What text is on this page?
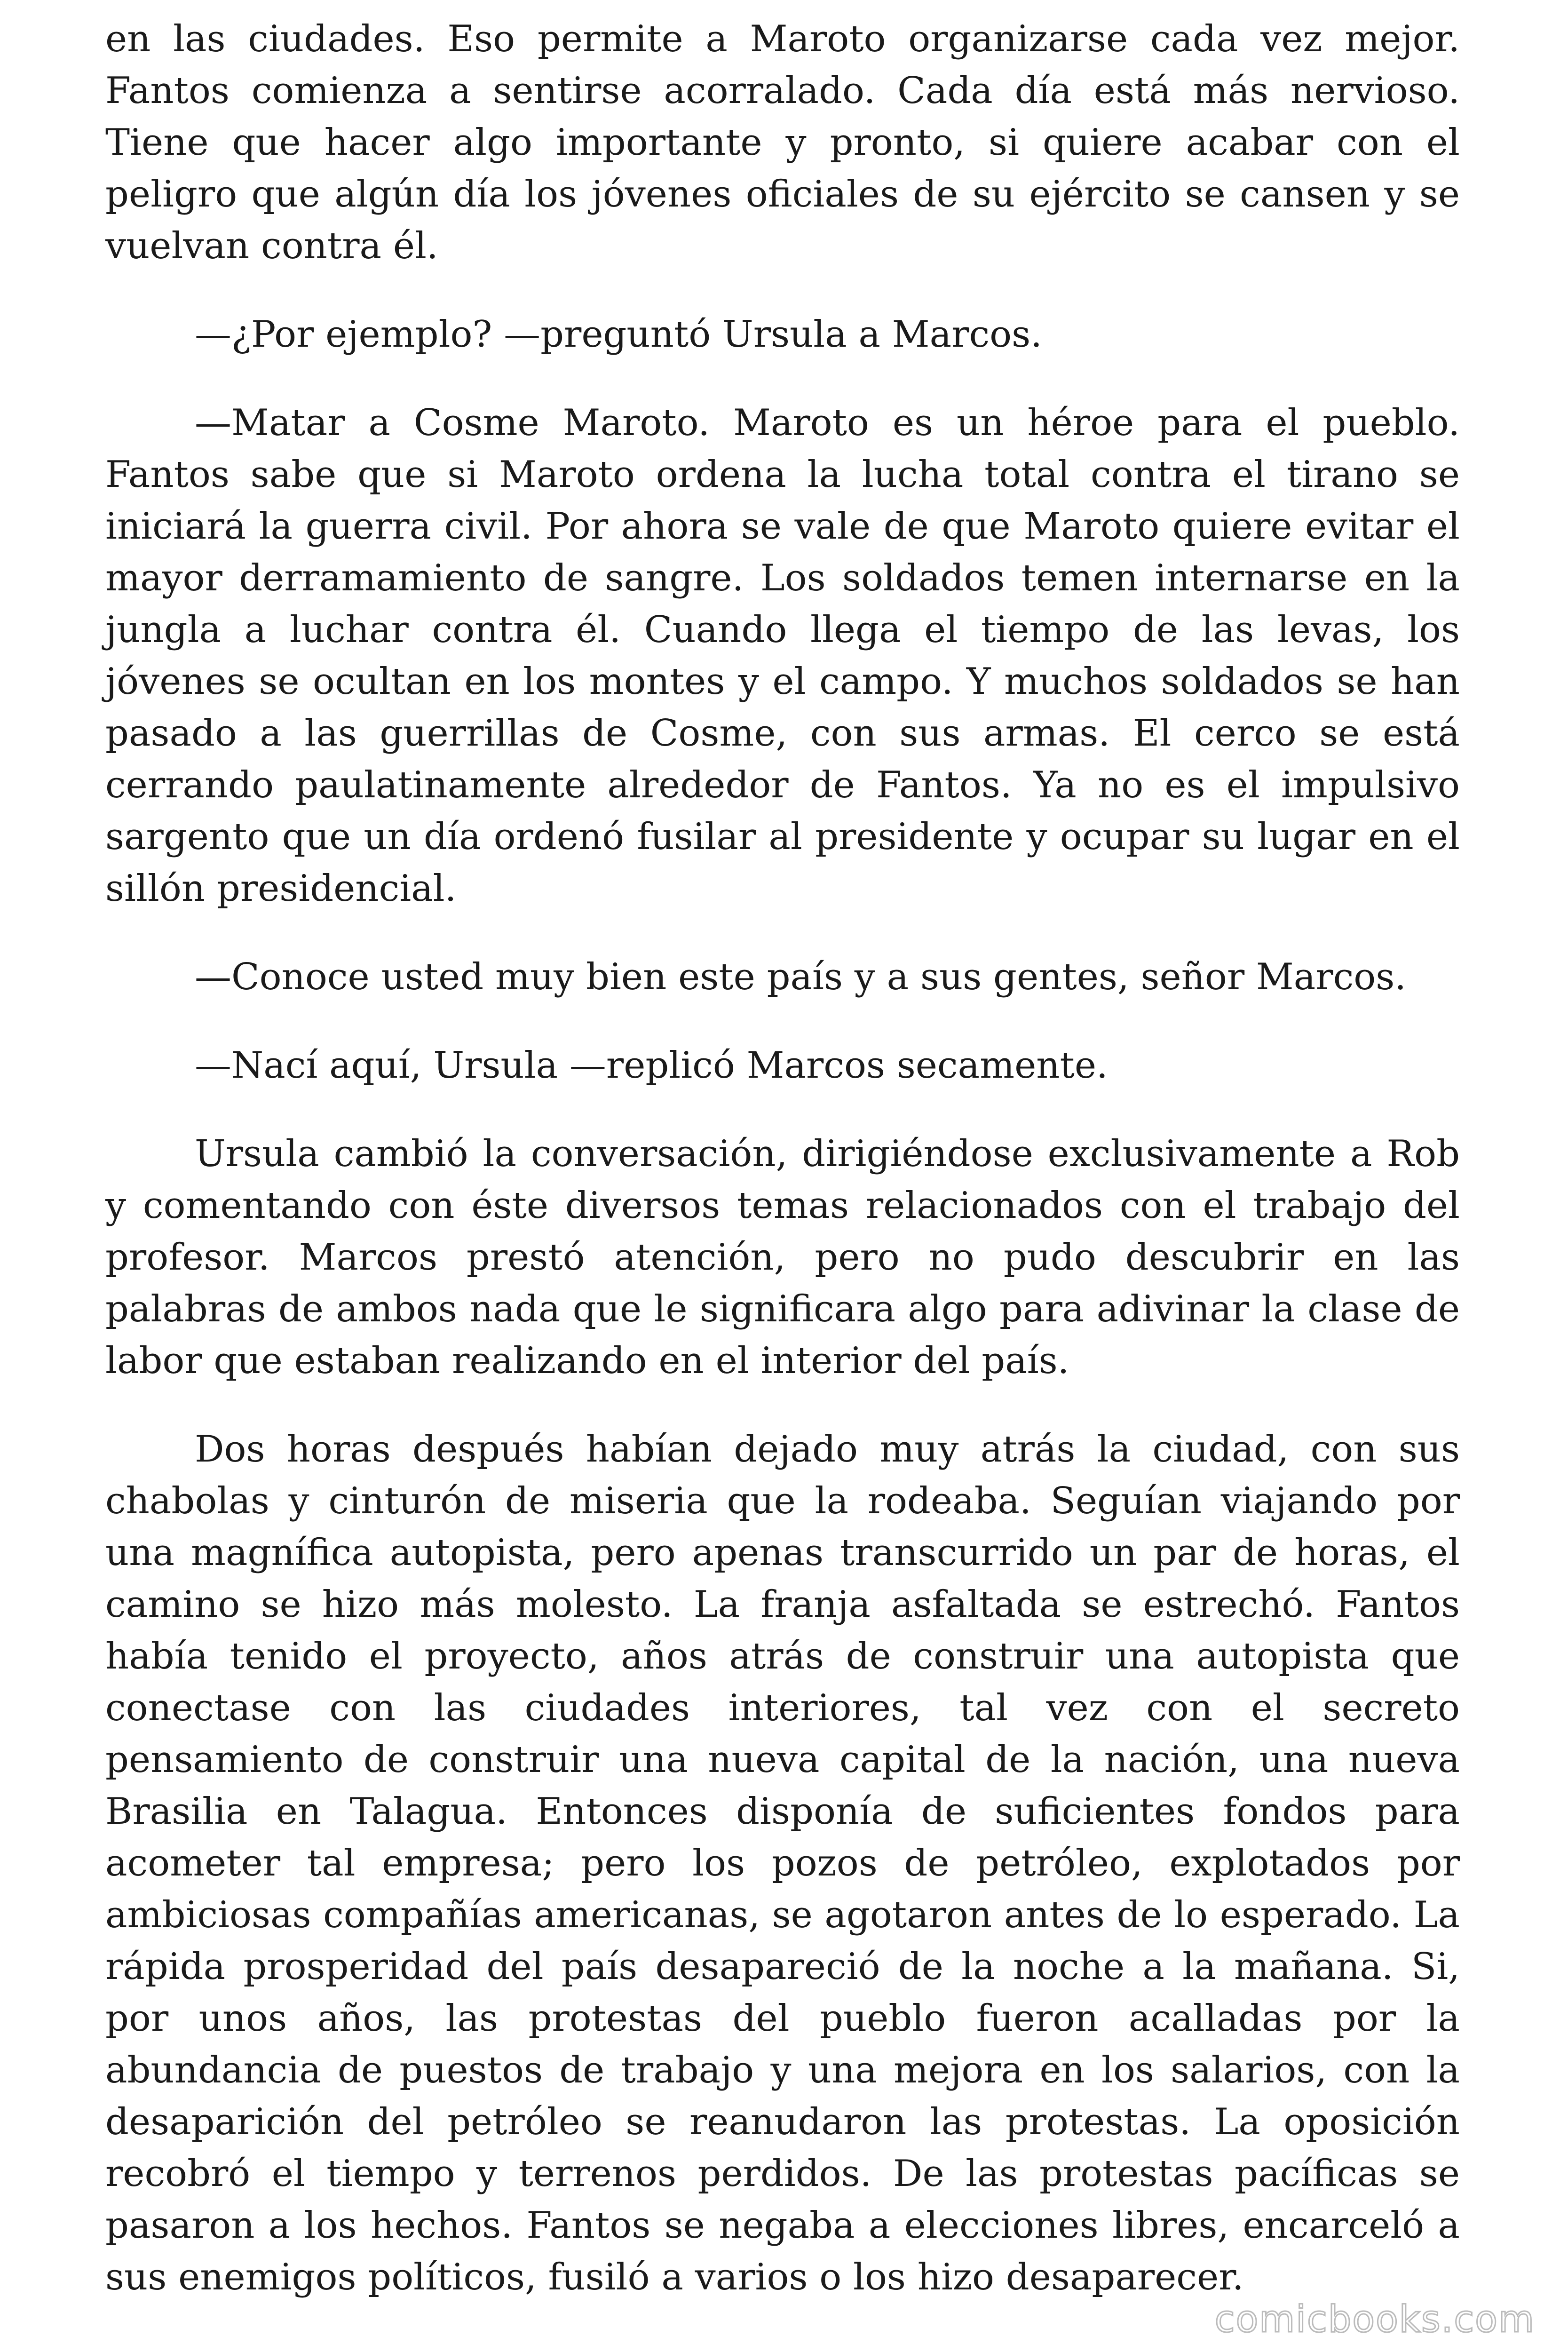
en las ciudades. Eso permite a Maroto organizarse cada vez mejor. Fantos comienza a sentirse acorralado. Cada día está más nervioso. Tiene que hacer algo importante y pronto, si quiere acabar con el peligro que algún día los jóvenes oficiales de su ejército se cansen y se vuelvan contra él.

—¿Por ejemplo? —preguntó Ursula a Marcos.

—Matar a Cosme Maroto. Maroto es un héroe para el pueblo. Fantos sabe que si Maroto ordena la lucha total contra el tirano se iniciará la guerra civil. Por ahora se vale de que Maroto quiere evitar el mayor derramamiento de sangre. Los soldados temen internarse en la jungla a luchar contra él. Cuando llega el tiempo de las levas, los jóvenes se ocultan en los montes y el campo. Y muchos soldados se han pasado a las guerrillas de Cosme, con sus armas. El cerco se está cerrando paulatinamente alrededor de Fantos. Ya no es el impulsivo sargento que un día ordenó fusilar al presidente y ocupar su lugar en el sillón presidencial.

—Conoce usted muy bien este país y a sus gentes, señor Marcos.

—Nací aquí, Ursula —replicó Marcos secamente.

Ursula cambió la conversación, dirigiéndose exclusivamente a Rob y comentando con éste diversos temas relacionados con el trabajo del profesor. Marcos prestó atención, pero no pudo descubrir en las palabras de ambos nada que le significara algo para adivinar la clase de labor que estaban realizando en el interior del país.

Dos horas después habían dejado muy atrás la ciudad, con sus chabolas y cinturón de miseria que la rodeaba. Seguían viajando por una magnífica autopista, pero apenas transcurrido un par de horas, el camino se hizo más molesto. La franja asfaltada se estrechó. Fantos había tenido el proyecto, años atrás de construir una autopista que conectase con las ciudades interiores, tal vez con el secreto pensamiento de construir una nueva capital de la nación, una nueva Brasilia en Talagua. Entonces disponía de suficientes fondos para acometer tal empresa; pero los pozos de petróleo, explotados por ambiciosas compañías americanas, se agotaron antes de lo esperado. La rápida prosperidad del país desapareció de la noche a la mañana. Si, por unos años, las protestas del pueblo fueron acalladas por la abundancia de puestos de trabajo y una mejora en los salarios, con la desaparición del petróleo se reanudaron las protestas. La oposición recobró el tiempo y terrenos perdidos. De las protestas pacíficas se pasaron a los hechos. Fantos se negaba a elecciones libres, encarceló a sus enemigos políticos, fusiló a varios o los hizo desaparecer.

comicbooks.com
